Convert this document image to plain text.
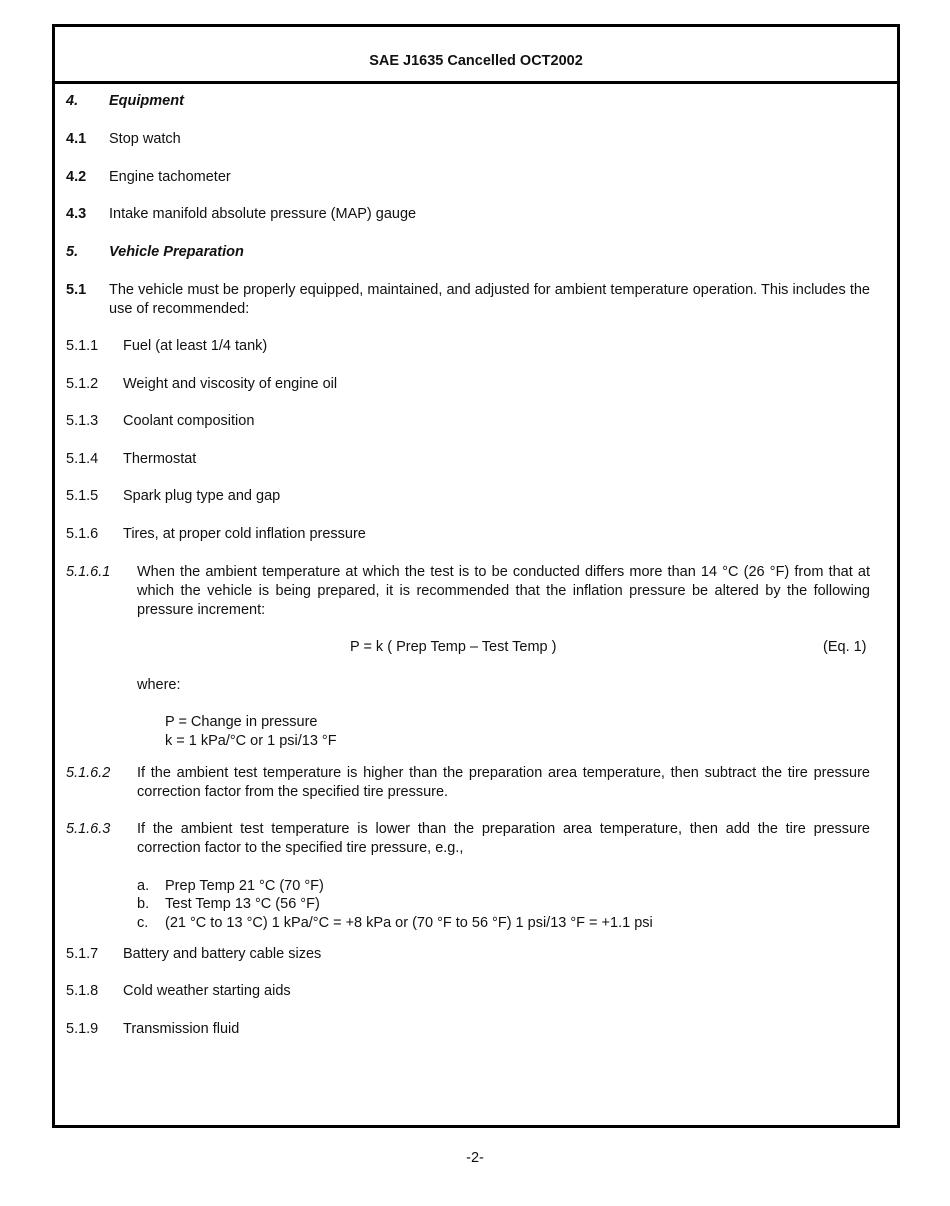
SAE J1635 Cancelled OCT2002
4. Equipment
4.1 Stop watch
4.2 Engine tachometer
4.3 Intake manifold absolute pressure (MAP) gauge
5. Vehicle Preparation
5.1 The vehicle must be properly equipped, maintained, and adjusted for ambient temperature operation. This includes the use of recommended:
5.1.1 Fuel (at least 1/4 tank)
5.1.2 Weight and viscosity of engine oil
5.1.3 Coolant composition
5.1.4 Thermostat
5.1.5 Spark plug type and gap
5.1.6 Tires, at proper cold inflation pressure
5.1.6.1 When the ambient temperature at which the test is to be conducted differs more than 14 °C (26 °F) from that at which the vehicle is being prepared, it is recommended that the inflation pressure be altered by the following pressure increment:
P = k ( Prep Temp – Test Temp )	(Eq. 1)
where:
P = Change in pressure
k = 1 kPa/°C or 1 psi/13 °F
5.1.6.2 If the ambient test temperature is higher than the preparation area temperature, then subtract the tire pressure correction factor from the specified tire pressure.
5.1.6.3 If the ambient test temperature is lower than the preparation area temperature, then add the tire pressure correction factor to the specified tire pressure, e.g.,
a. Prep Temp 21 °C (70 °F)
b. Test Temp 13 °C (56 °F)
c. (21 °C to 13 °C) 1 kPa/°C = +8 kPa or (70 °F to 56 °F) 1 psi/13 °F = +1.1 psi
5.1.7 Battery and battery cable sizes
5.1.8 Cold weather starting aids
5.1.9 Transmission fluid
-2-
